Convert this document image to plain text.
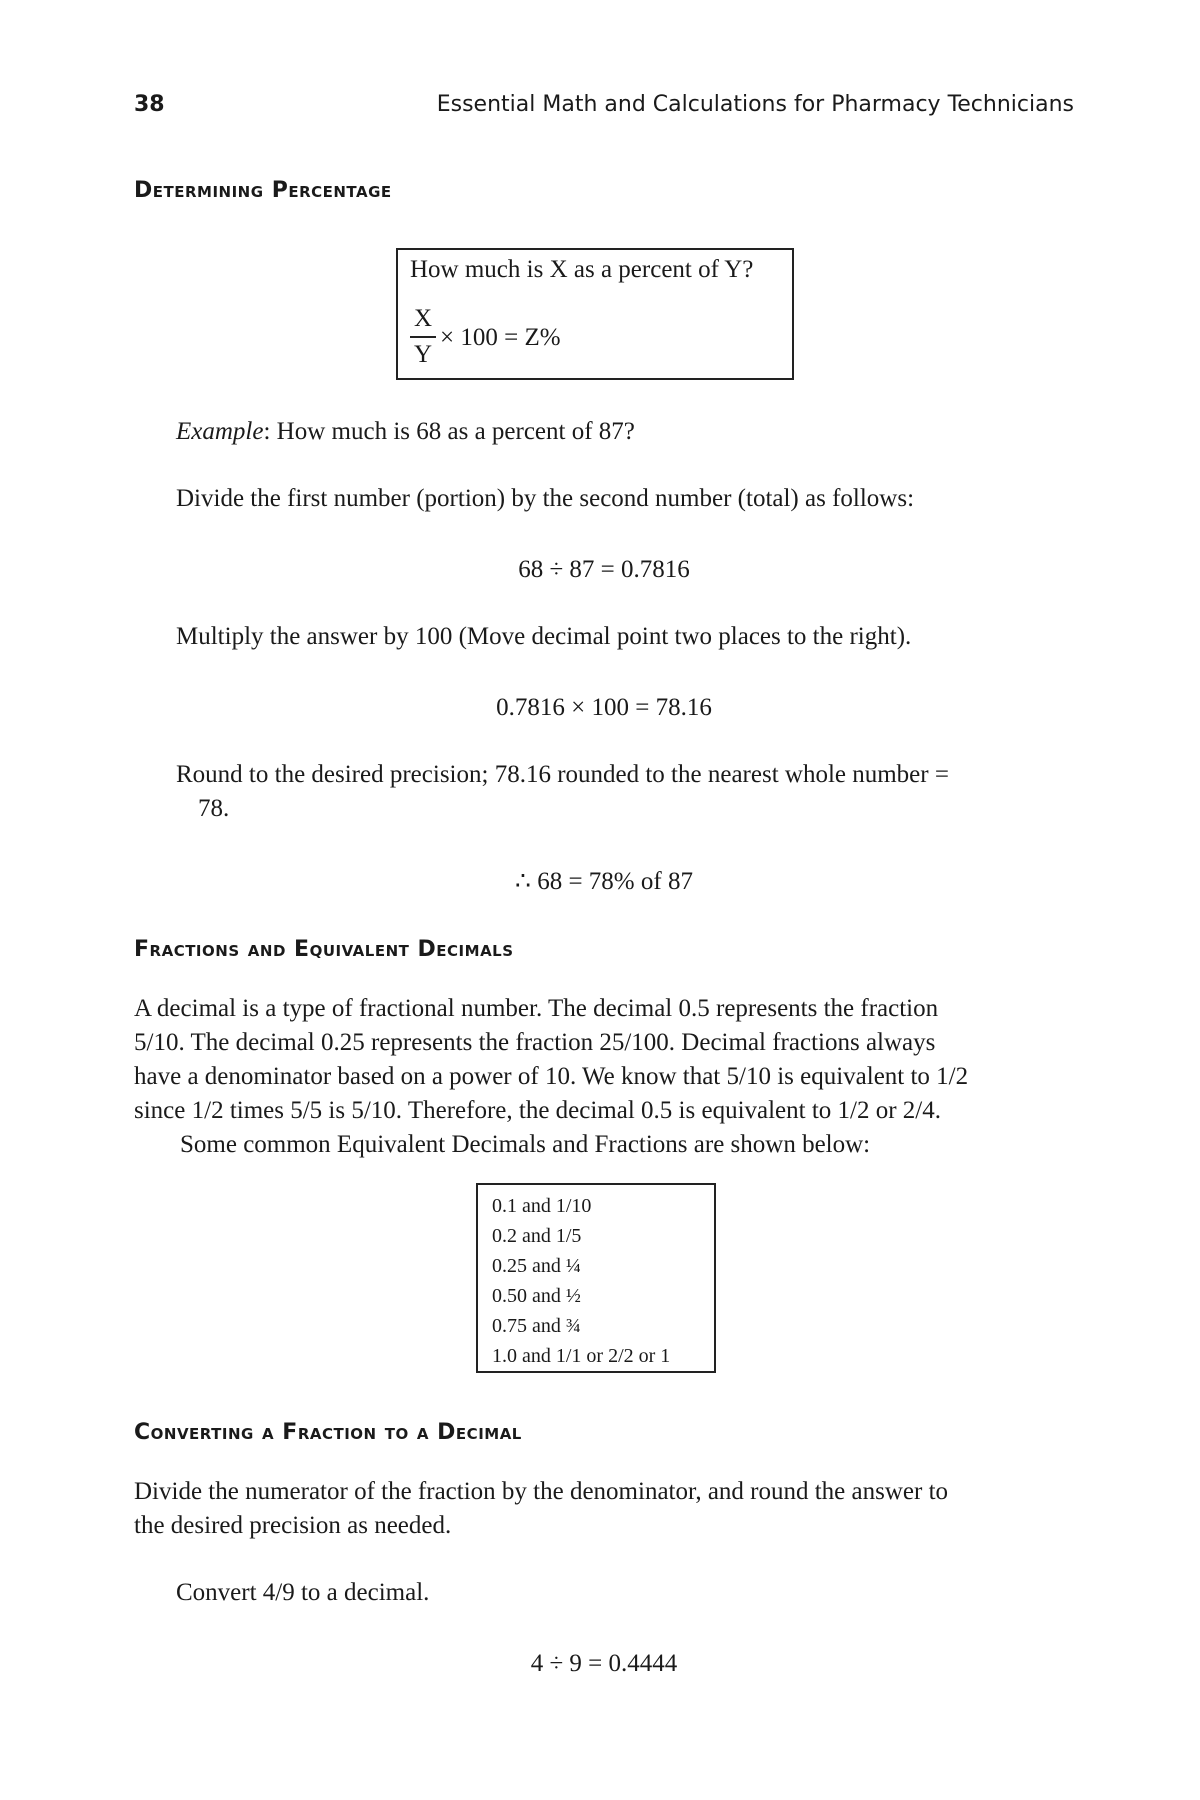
38	Essential Math and Calculations for Pharmacy Technicians
Determining Percentage
How much is X as a percent of Y?
X
Y
× 100 = Z%
Example: How much is 68 as a percent of 87?
Divide the first number (portion) by the second number (total) as follows:
68 ÷ 87 = 0.7816
Multiply the answer by 100 (Move decimal point two places to the right).
0.7816 × 100 = 78.16
Round to the desired precision; 78.16 rounded to the nearest whole number =
78.
∴ 68 = 78% of 87
Fractions and Equivalent Decimals
A decimal is a type of fractional number. The decimal 0.5 represents the fraction
5/10. The decimal 0.25 represents the fraction 25/100. Decimal fractions always
have a denominator based on a power of 10. We know that 5/10 is equivalent to 1/2
since 1/2 times 5/5 is 5/10. Therefore, the decimal 0.5 is equivalent to 1/2 or 2/4.
Some common Equivalent Decimals and Fractions are shown below:
0.1 and 1/10
0.2 and 1/5
0.25 and ¼
0.50 and ½
0.75 and ¾
1.0 and 1/1 or 2/2 or 1
Converting a Fraction to a Decimal
Divide the numerator of the fraction by the denominator, and round the answer to
the desired precision as needed.
Convert 4/9 to a decimal.
4 ÷ 9 = 0.4444
